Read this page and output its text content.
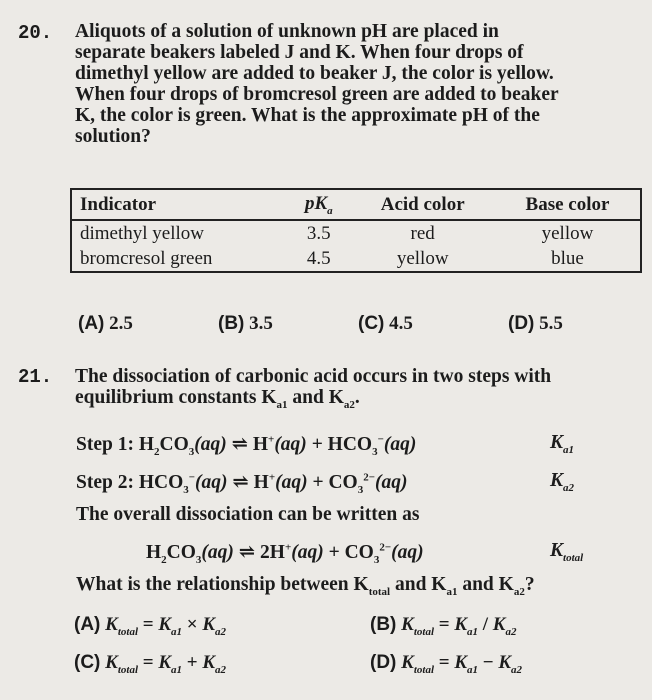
20. Aliquots of a solution of unknown pH are placed in
separate beakers labeled J and K. When four drops of
dimethyl yellow are added to beaker J, the color is yellow.
When four drops of bromcresol green are added to beaker
K, the color is green. What is the approximate pH of the
solution?
Indicator	$pK_a$	Acid color	Base color
dimethyl yellow	3.5	red	yellow
bromcresol green	4.5	yellow	blue
(A) 2.5	(B) 3.5	(C) 4.5	(D) 5.5
21. The dissociation of carbonic acid occurs in two steps with
equilibrium constants $K_{a1}$ and $K_{a2}$.
Step 1: $H_2CO_3(aq)$ ⇌ $H^+(aq) + HCO_3^-(aq)$	$K_{a1}$
Step 2: $HCO_3^-(aq)$ ⇌ $H^+(aq) + CO_3^{2-}(aq)$	$K_{a2}$
The overall dissociation can be written as
$H_2CO_3(aq)$ ⇌ $2H^+(aq) + CO_3^{2-}(aq)$	$K_{total}$
What is the relationship between $K_{total}$ and $K_{a1}$ and $K_{a2}$?
(A) $K_{total} = K_{a1} \times K_{a2}$	(B) $K_{total} = K_{a1} / K_{a2}$
(C) $K_{total} = K_{a1} + K_{a2}$	(D) $K_{total} = K_{a1} - K_{a2}$
